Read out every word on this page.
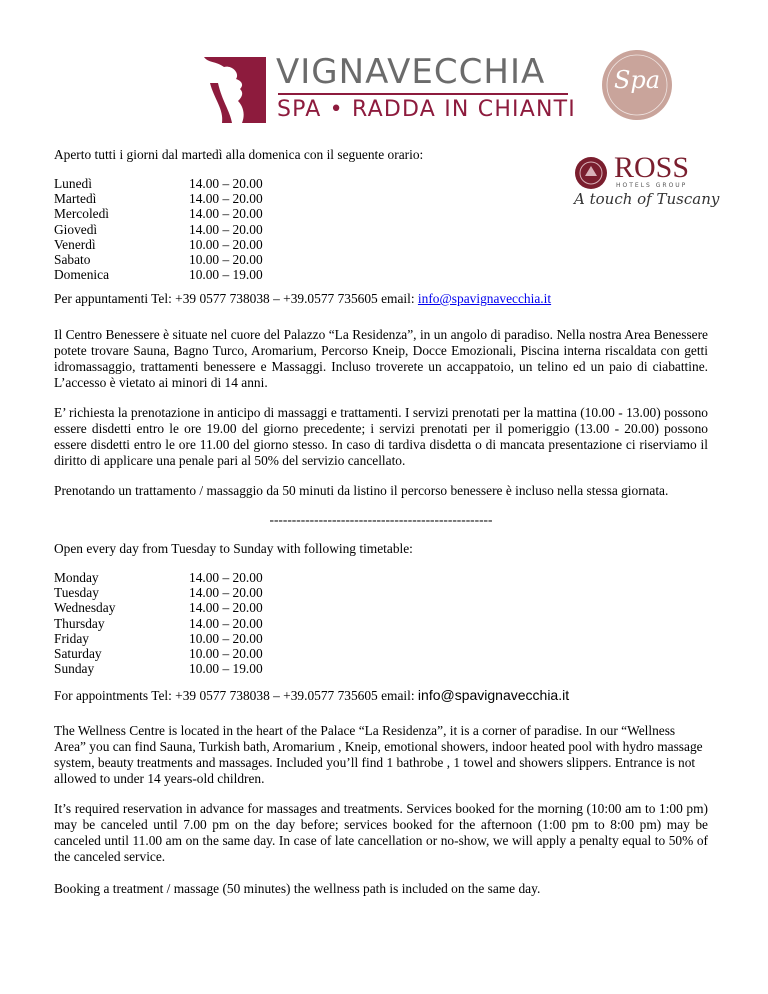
VIGNAVECCHIA
SPA • RADDA IN CHIANTI
Spa
ROSS
HOTELS GROUP
A touch of Tuscany
Aperto tutti i giorni dal martedì alla domenica con il seguente orario:
Lunedì	14.00 – 20.00
Martedì	14.00 – 20.00
Mercoledì	14.00 – 20.00
Giovedì	14.00 – 20.00
Venerdì	10.00 – 20.00
Sabato	10.00 – 20.00
Domenica	10.00 – 19.00
Per appuntamenti Tel: +39 0577 738038 – +39.0577 735605 email: info@spavignavecchia.it
Il Centro Benessere è situate nel cuore del Palazzo “La Residenza”, in un angolo di paradiso. Nella nostra Area Benessere potete trovare Sauna, Bagno Turco, Aromarium, Percorso Kneip, Docce Emozionali, Piscina interna riscaldata con getti idromassaggio, trattamenti benessere e Massaggi. Incluso troverete un accappatoio, un telino ed un paio di ciabattine. L’accesso è vietato ai minori di 14 anni.
E’ richiesta la prenotazione in anticipo di massaggi e trattamenti. I servizi prenotati per la mattina (10.00 - 13.00) possono essere disdetti entro le ore 19.00 del giorno precedente; i servizi prenotati per il pomeriggio (13.00 - 20.00) possono essere disdetti entro le ore 11.00 del giorno stesso. In caso di tardiva disdetta o di mancata presentazione ci riserviamo il diritto di applicare una penale pari al 50% del servizio cancellato.
Prenotando un trattamento / massaggio da 50 minuti da listino il percorso benessere è incluso nella stessa giornata.
--------------------------------------------------
Open every day from Tuesday to Sunday with following timetable:
Monday	14.00 – 20.00
Tuesday	14.00 – 20.00
Wednesday	14.00 – 20.00
Thursday	14.00 – 20.00
Friday	10.00 – 20.00
Saturday	10.00 – 20.00
Sunday	10.00 – 19.00
For appointments Tel: +39 0577 738038 – +39.0577 735605 email: info@spavignavecchia.it
The Wellness Centre is located in the heart of the Palace “La Residenza”, it is a corner of paradise. In our “Wellness Area” you can find Sauna, Turkish bath, Aromarium , Kneip, emotional showers, indoor heated pool with hydro massage system, beauty treatments and massages. Included you’ll find 1 bathrobe , 1 towel and showers slippers. Entrance is not allowed to under 14 years-old children.
It’s required reservation in advance for massages and treatments. Services booked for the morning (10:00 am to 1:00 pm) may be canceled until 7.00 pm on the day before; services booked for the afternoon (1:00 pm to 8:00 pm) may be canceled until 11.00 am on the same day. In case of late cancellation or no-show, we will apply a penalty equal to 50% of the canceled service.
Booking a treatment / massage (50 minutes) the wellness path is included on the same day.
